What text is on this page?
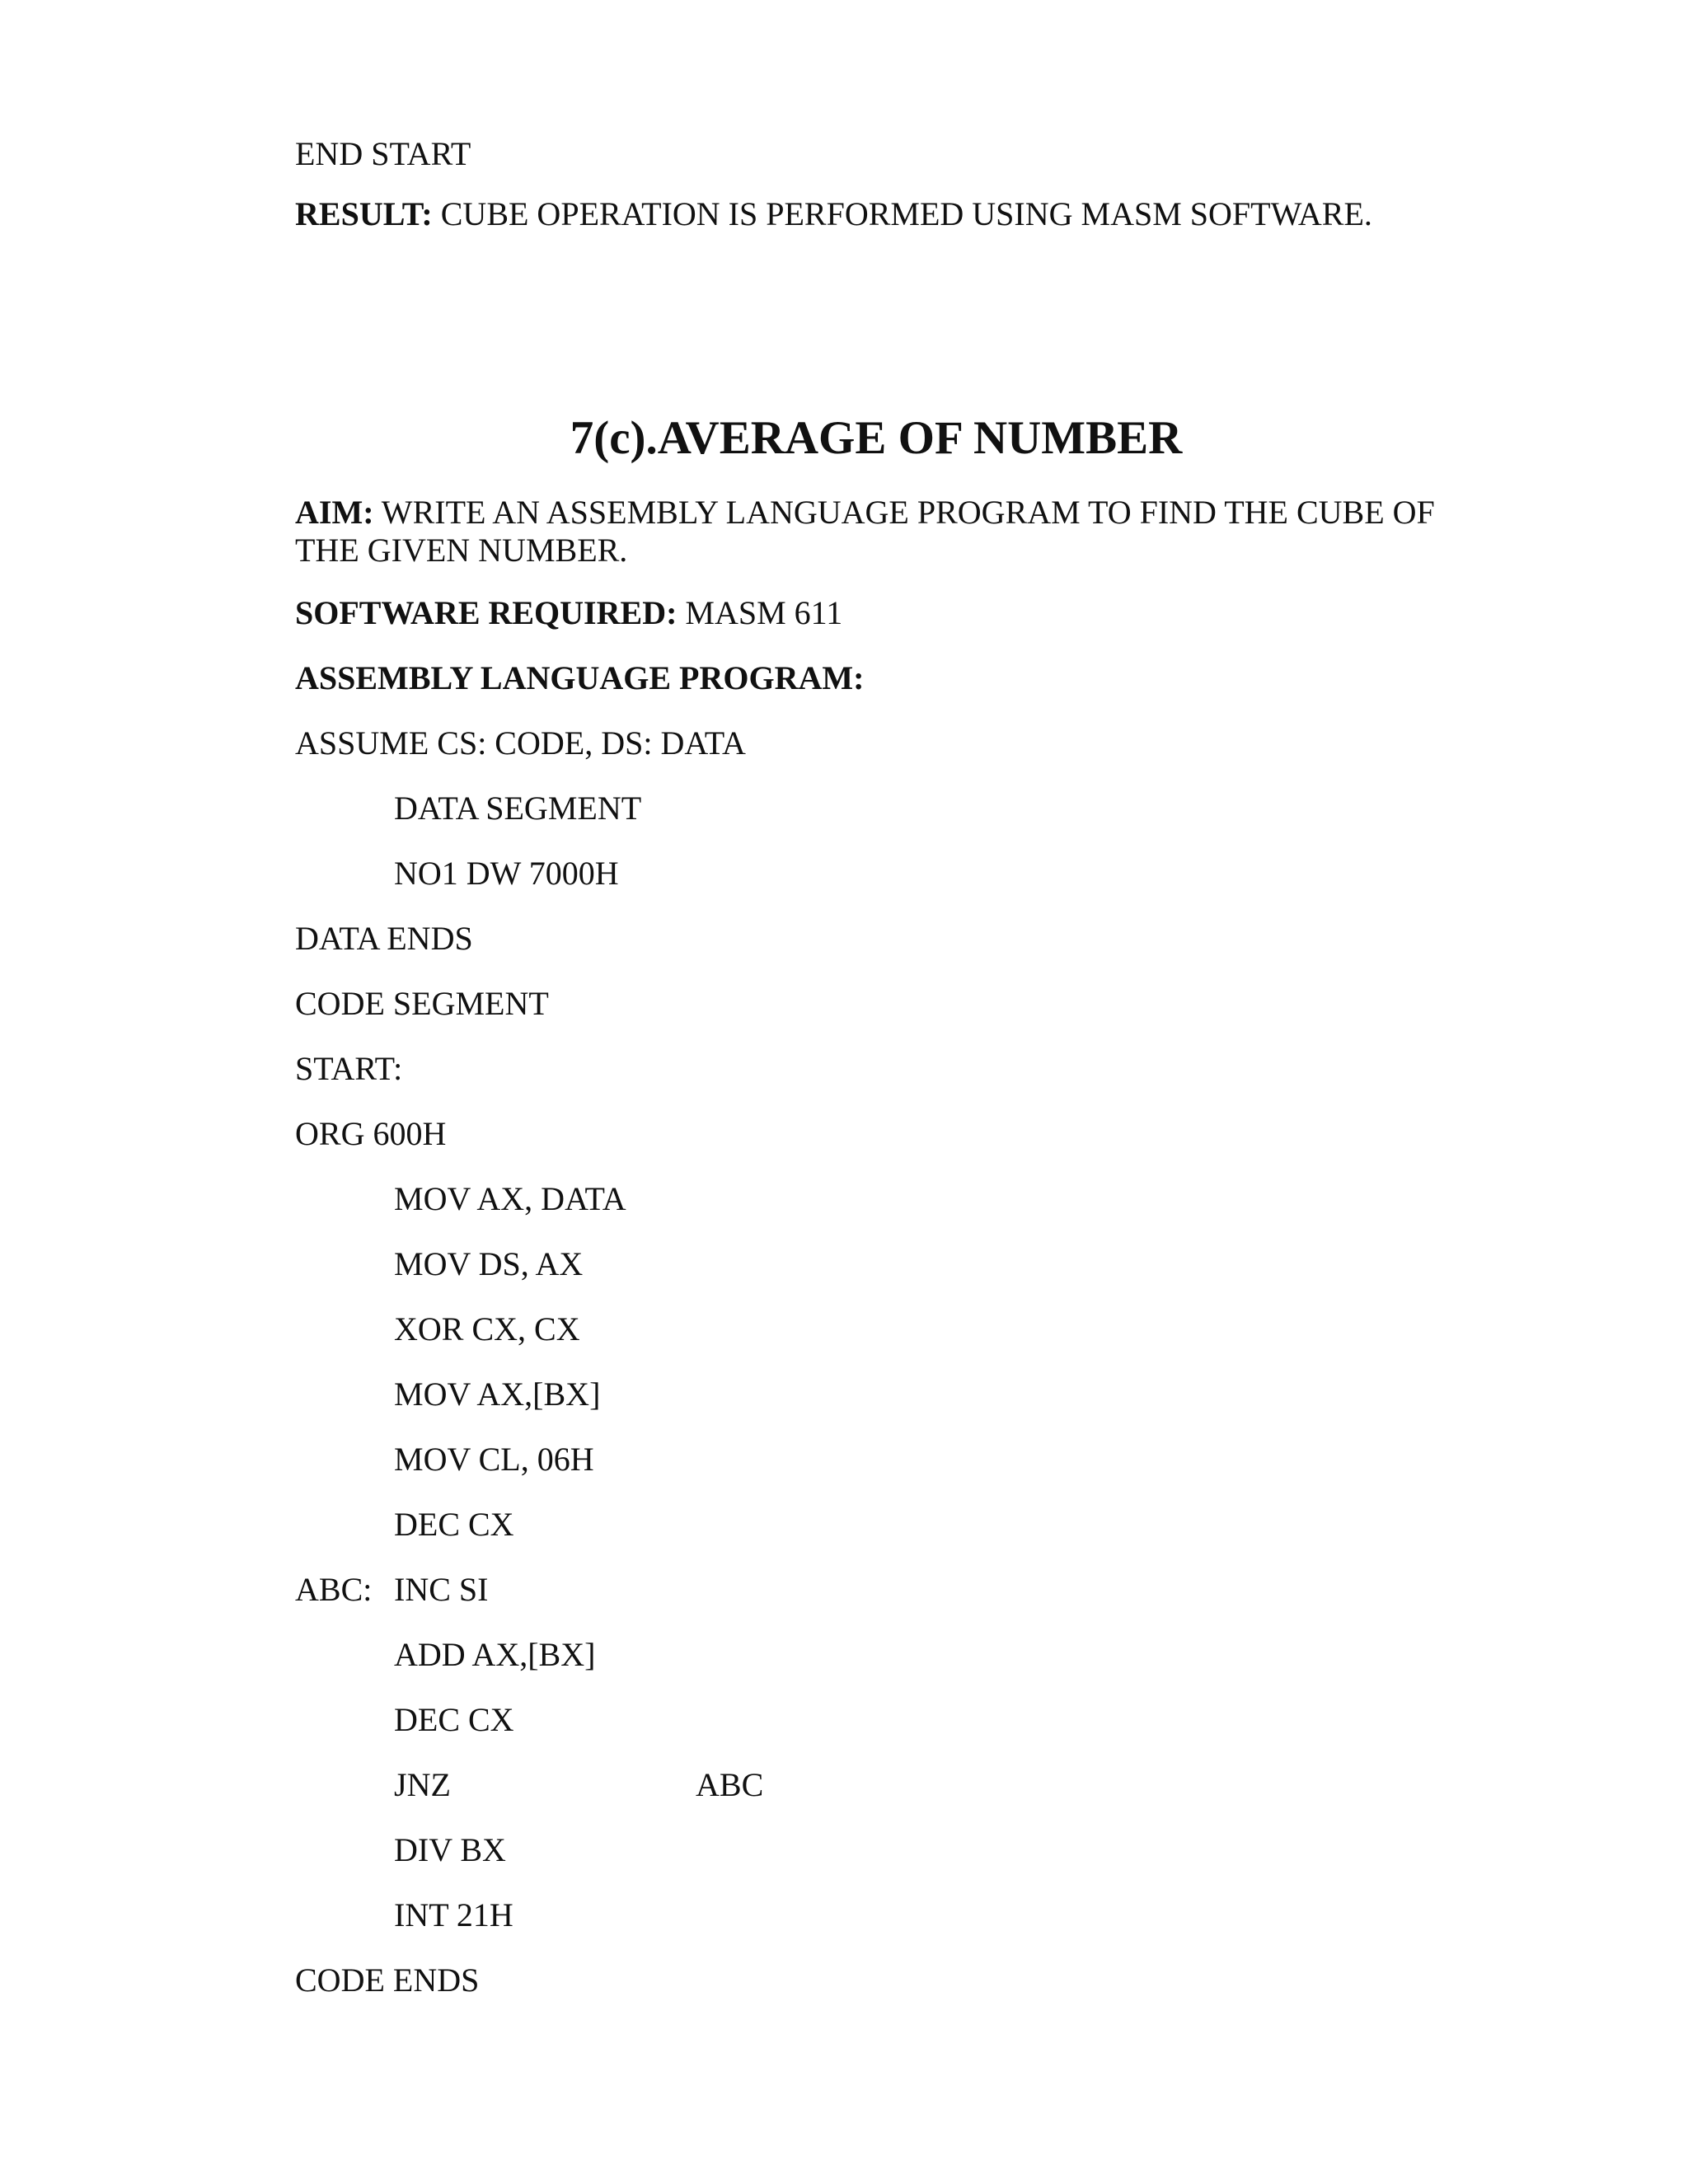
END START
RESULT: CUBE OPERATION IS PERFORMED USING MASM SOFTWARE.
7(c).AVERAGE OF NUMBER
AIM: WRITE AN ASSEMBLY LANGUAGE PROGRAM TO FIND THE CUBE OF THE GIVEN NUMBER.
SOFTWARE REQUIRED: MASM 611
ASSEMBLY LANGUAGE PROGRAM:
ASSUME CS: CODE, DS: DATA
DATA SEGMENT
NO1 DW 7000H
DATA ENDS
CODE SEGMENT
START:
ORG 600H
MOV AX, DATA
MOV DS, AX
XOR CX, CX
MOV AX,[BX]
MOV CL, 06H
DEC CX
ABC: INC SI
ADD AX,[BX]
DEC CX
JNZ	ABC
DIV BX
INT 21H
CODE ENDS
